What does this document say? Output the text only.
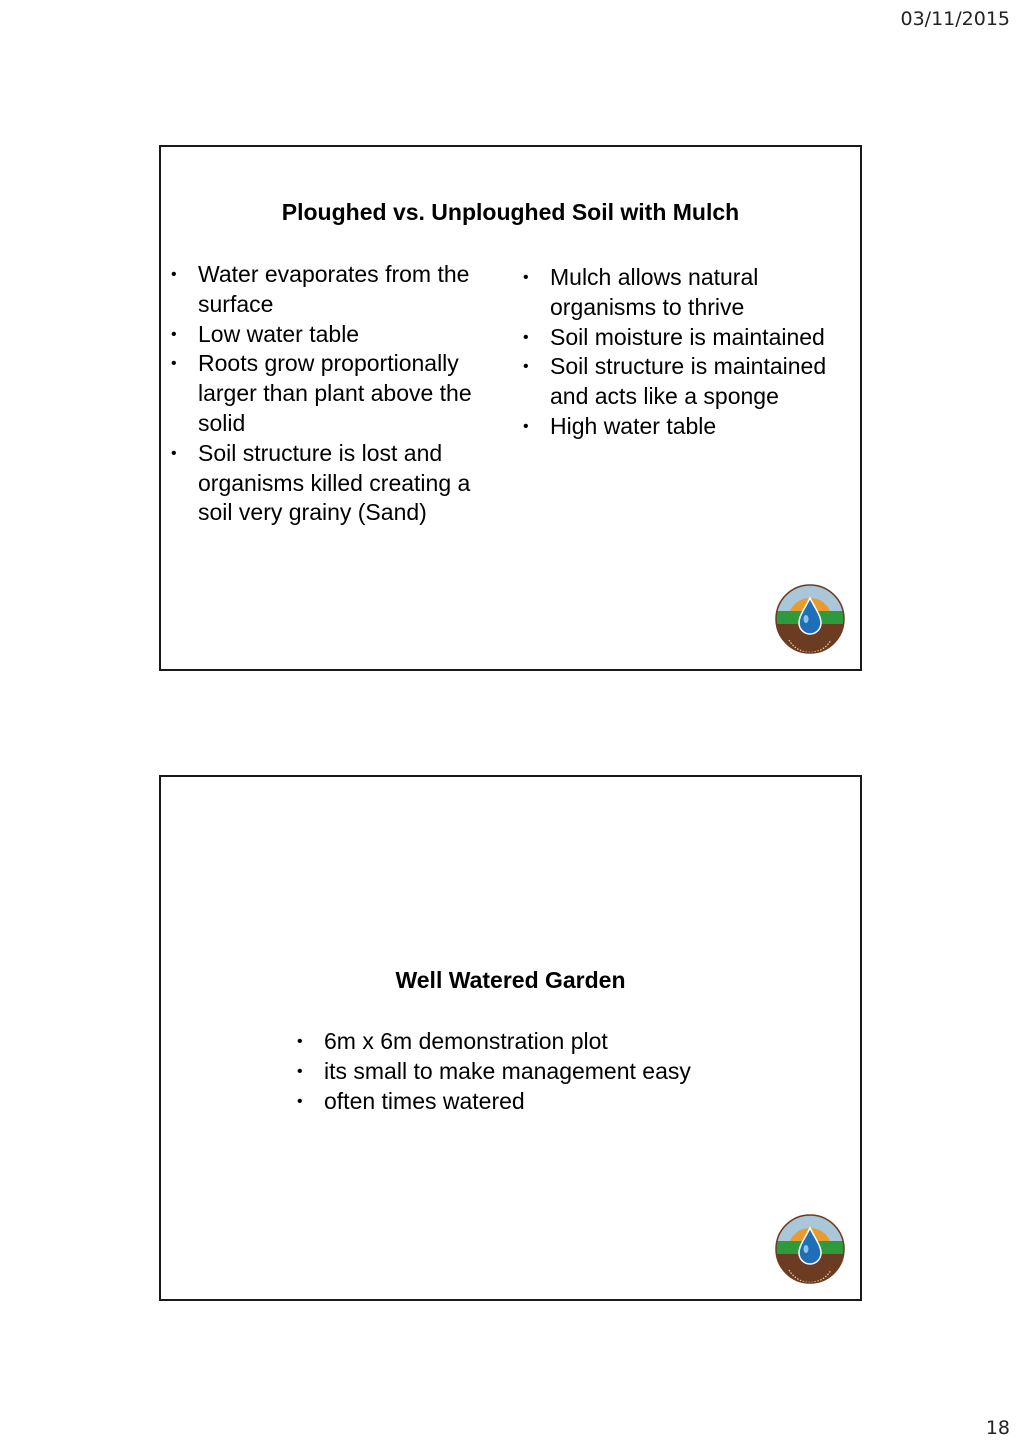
03/11/2015
Ploughed vs. Unploughed Soil with Mulch
• Water evaporates from the surface
• Low water table
• Roots grow proportionally larger than plant above the solid
• Soil structure is lost and organisms killed creating a soil very grainy (Sand)
• Mulch allows natural organisms to thrive
• Soil moisture is maintained
• Soil structure is maintained and acts like a sponge
• High water table
Well Watered Garden
• 6m x 6m demonstration plot
• its small to make management easy
• often times watered
18
